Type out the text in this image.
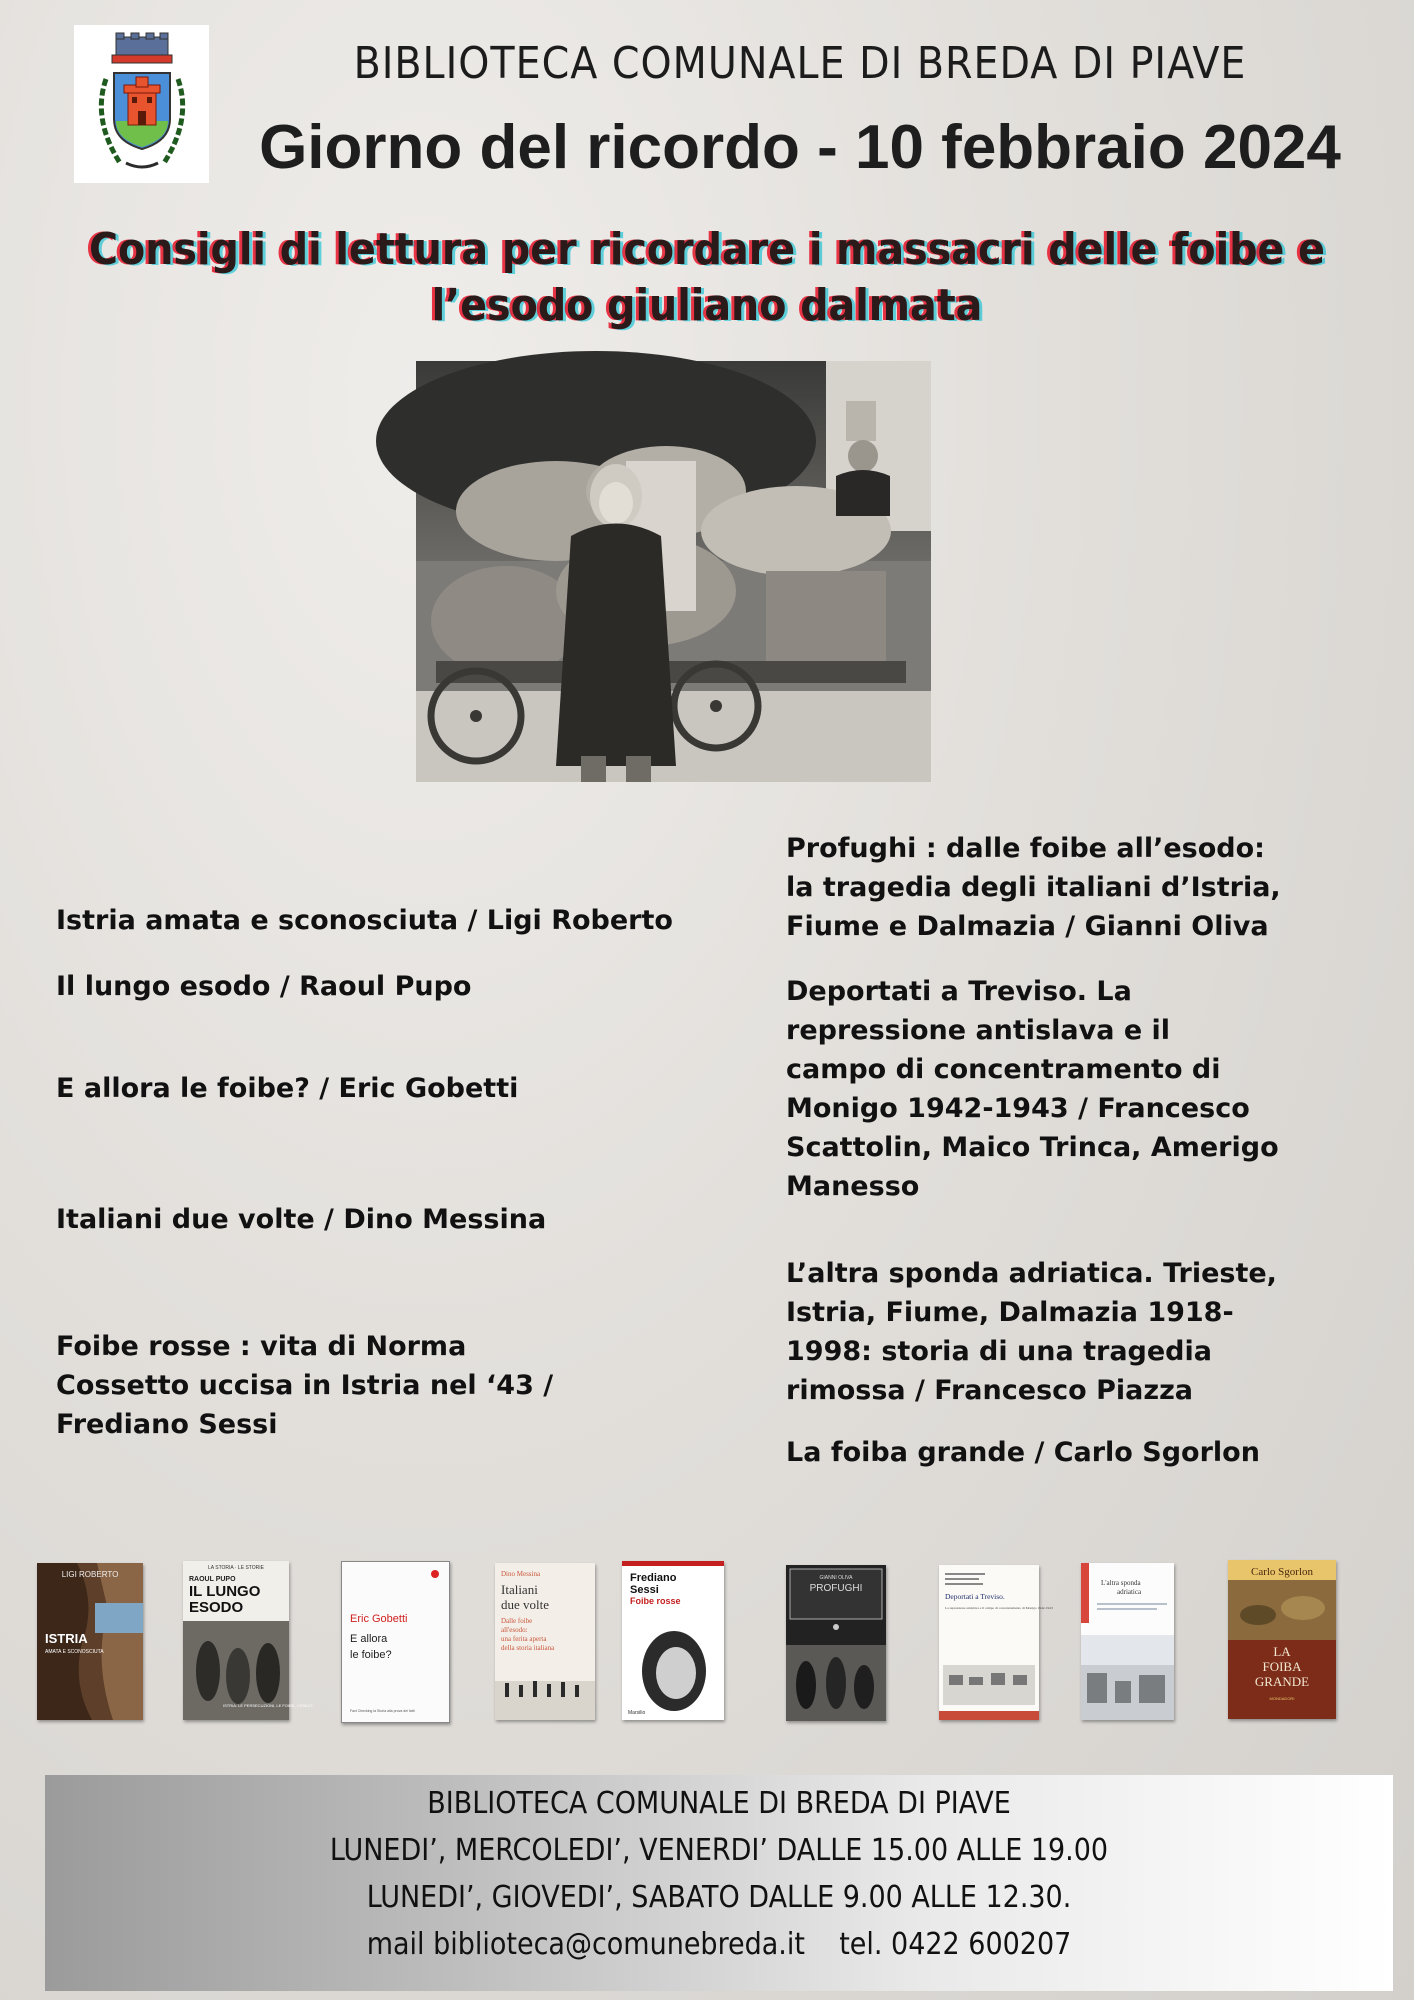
BIBLIOTECA COMUNALE DI BREDA DI PIAVE
Giorno del ricordo - 10 febbraio 2024
Consigli di lettura per ricordare i massacri delle foibe e
l’esodo giuliano dalmata

Istria amata e sconosciuta / Ligi Roberto

Il lungo esodo / Raoul Pupo

E allora le foibe? / Eric Gobetti

Italiani due volte / Dino Messina

Foibe rosse : vita di Norma
Cossetto uccisa in Istria nel ‘43 /
Frediano Sessi

Profughi : dalle foibe all’esodo:
la tragedia degli italiani d’Istria,
Fiume e Dalmazia / Gianni Oliva

Deportati a Treviso. La
repressione antislava e il
campo di concentramento di
Monigo 1942-1943 / Francesco
Scattolin, Maico Trinca, Amerigo
Manesso

L’altra sponda adriatica. Trieste,
Istria, Fiume, Dalmazia 1918-
1998: storia di una tragedia
rimossa / Francesco Piazza

La foiba grande / Carlo Sgorlon

LIGI ROBERTO
ISTRIA
AMATA E SCONOSCIUTA
LA STORIA · LE STORIE
RAOUL PUPO
IL LUNGO
ESODO
ISTRIA: LE PERSECUZIONI, LE FOIBE, L'ESILIO
Eric Gobetti
E allora
le foibe?
Fact Checking la Storia alla prova dei fatti
Dino Messina
Italiani
due volte
Dalle foibe
all'esodo:
una ferita aperta
della storia italiana
Frediano
Sessi
Foibe rosse
Marsilio
GIANNI OLIVA
PROFUGHI
Deportati a Treviso.
La repressione antislava e il campo di concentramento di Monigo 1942-1943
L'altra sponda
adriatica
Carlo Sgorlon
LA
FOIBA
GRANDE
MONDADORI

BIBLIOTECA COMUNALE DI BREDA DI PIAVE

LUNEDI’, MERCOLEDI’, VENERDI’ DALLE 15.00 ALLE 19.00

LUNEDI’, GIOVEDI’, SABATO DALLE 9.00 ALLE 12.30.

mail biblioteca@comunebreda.it    tel. 0422 600207
